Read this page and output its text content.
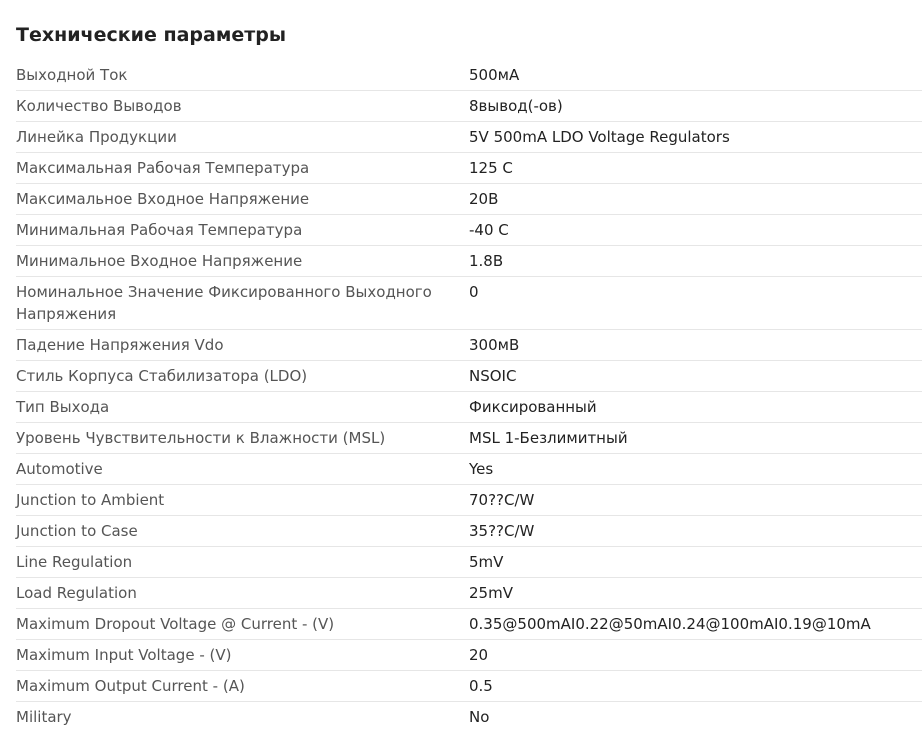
Технические параметры
Выходной Ток	500мА
Количество Выводов	8вывод(-ов)
Линейка Продукции	5V 500mA LDO Voltage Regulators
Максимальная Рабочая Температура	125 C
Максимальное Входное Напряжение	20В
Минимальная Рабочая Температура	-40 C
Минимальное Входное Напряжение	1.8В
Номинальное Значение Фиксированного Выходного Напряжения	0
Падение Напряжения Vdo	300мВ
Стиль Корпуса Стабилизатора (LDO)	NSOIC
Тип Выхода	Фиксированный
Уровень Чувствительности к Влажности (MSL)	MSL 1-Безлимитный
Automotive	Yes
Junction to Ambient	70??C/W
Junction to Case	35??C/W
Line Regulation	5mV
Load Regulation	25mV
Maximum Dropout Voltage @ Current - (V)	0.35@500mAI0.22@50mAI0.24@100mAI0.19@10mA
Maximum Input Voltage - (V)	20
Maximum Output Current - (A)	0.5
Military	No
